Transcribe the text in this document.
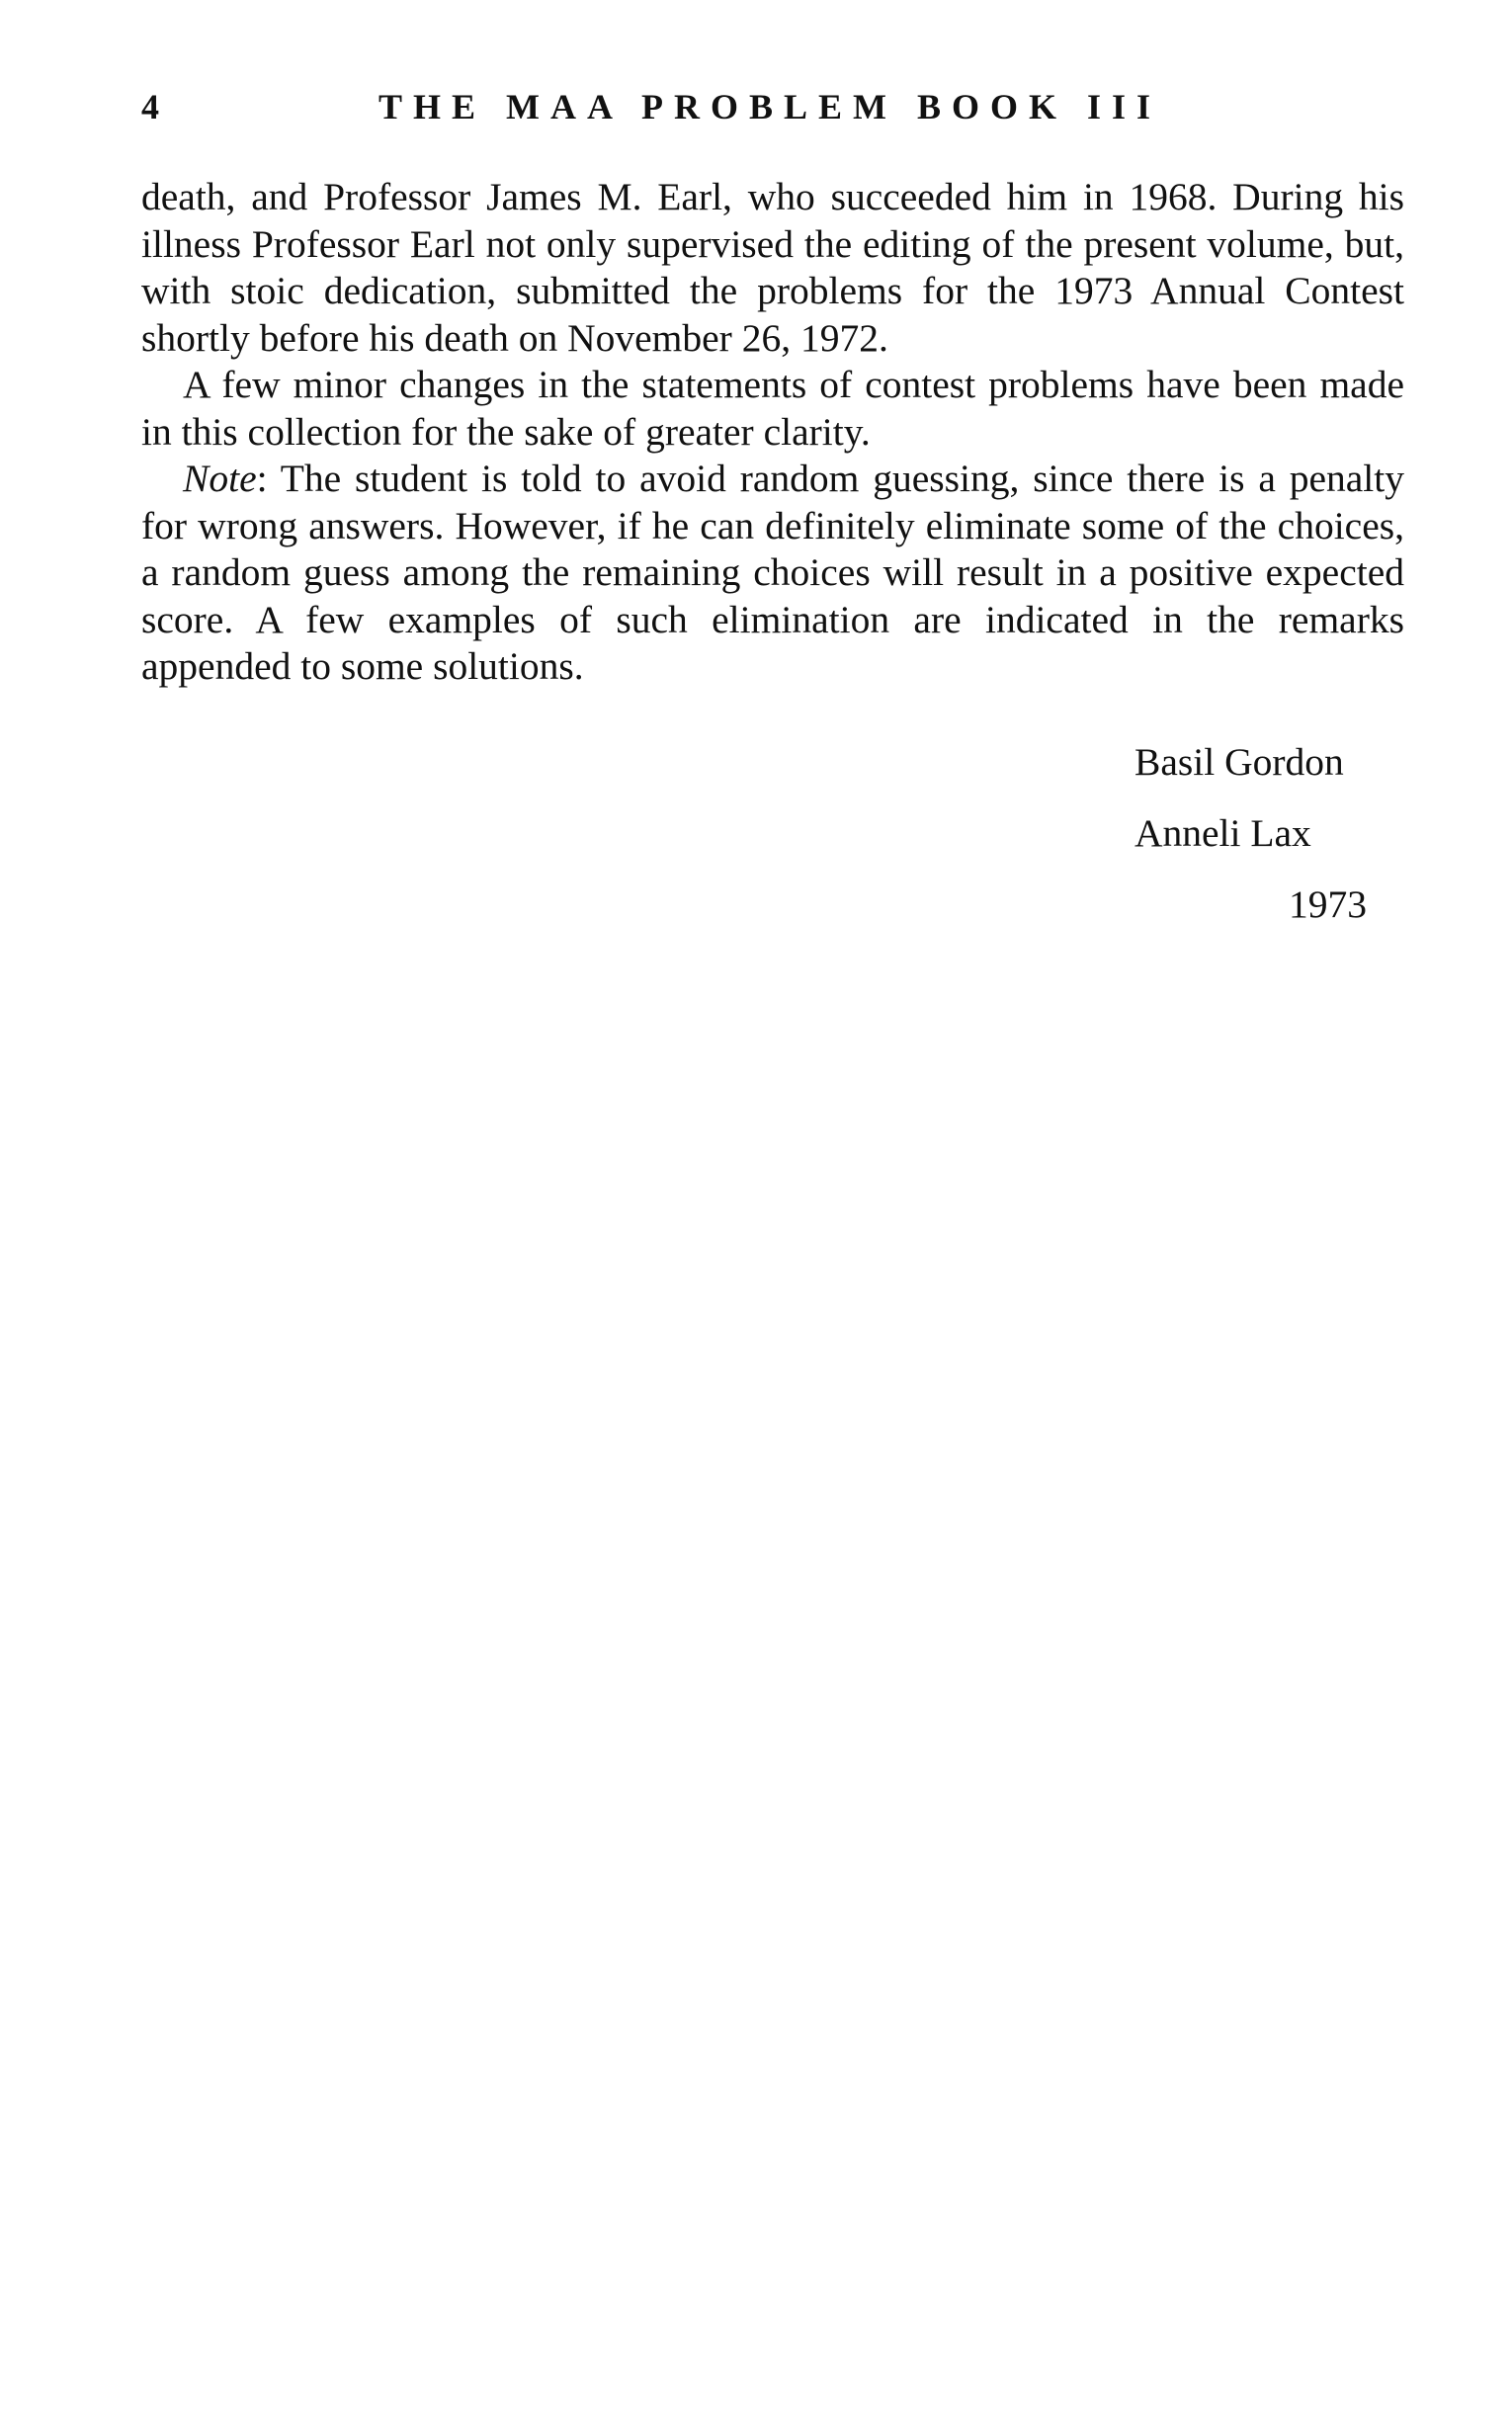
4	THE MAA PROBLEM BOOK III

death, and Professor James M. Earl, who succeeded him in 1968. During his illness Professor Earl not only supervised the editing of the present volume, but, with stoic dedication, submitted the problems for the 1973 Annual Contest shortly before his death on November 26, 1972.

A few minor changes in the statements of contest problems have been made in this collection for the sake of greater clarity.

Note: The student is told to avoid random guessing, since there is a penalty for wrong answers. However, if he can definitely eliminate some of the choices, a random guess among the remaining choices will result in a positive expected score. A few examples of such elimination are indicated in the remarks appended to some solutions.

Basil Gordon
Anneli Lax
1973
